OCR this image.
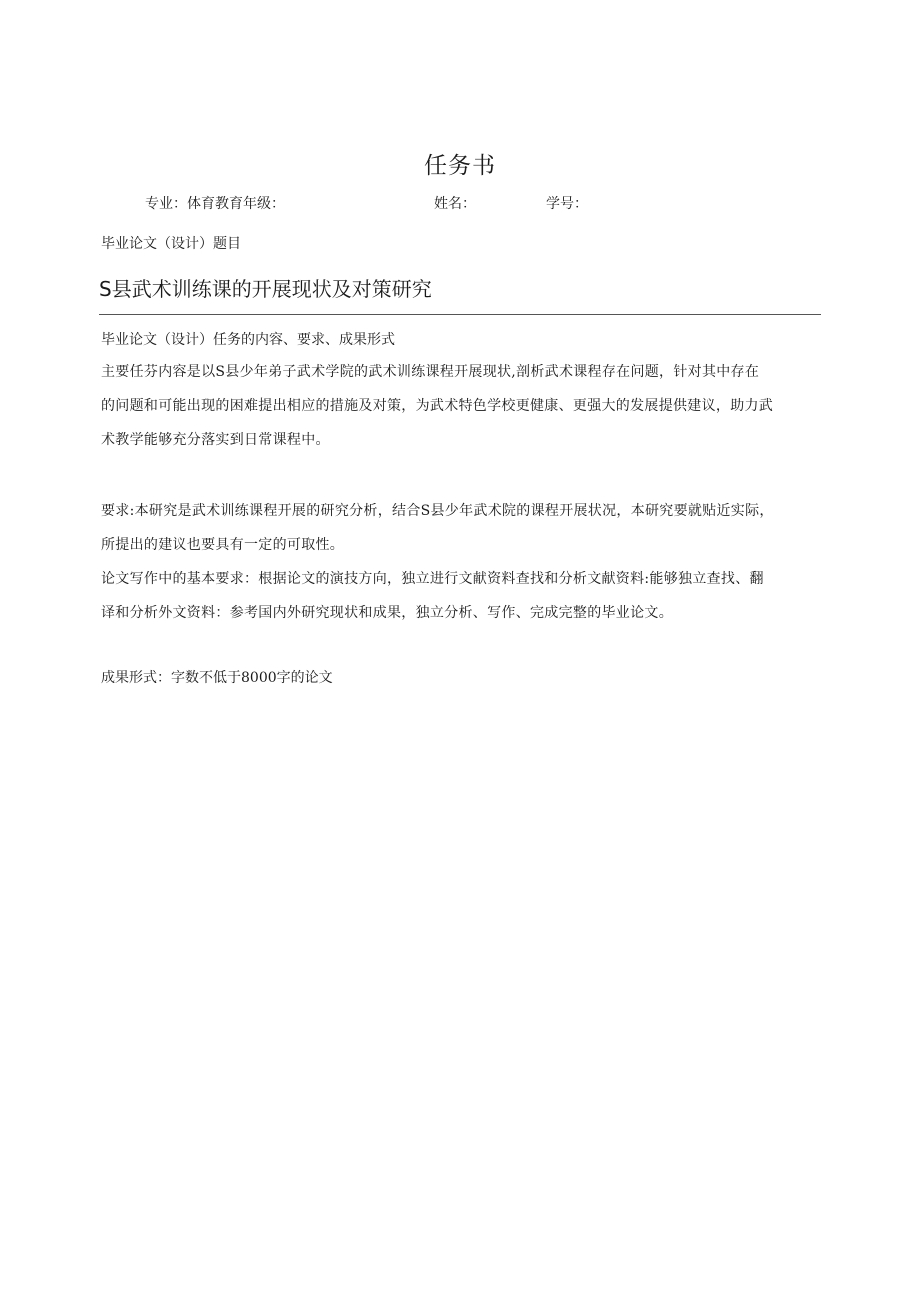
任务书
专业：体育教育年级：	姓名：	学号：
毕业论文（设计）题目
S县武术训练课的开展现状及对策研究
毕业论文（设计）任务的内容、要求、成果形式

主要任芬内容是以S县少年弟子武术学院的武术训练课程开展现状,剖析武术课程存在问题，针对其中存在
的问题和可能出现的困难提出相应的措施及对策，为武术特色学校更健康、更强大的发展提供建议，助力武
术教学能够充分落实到日常课程中。

要求:本研究是武术训练课程开展的研究分析，结合S县少年武术院的课程开展状况，本研究要就贴近实际，
所提出的建议也要具有一定的可取性。
论文写作中的基本要求：根据论文的演技方向，独立进行文献资料查找和分析文献资料:能够独立查找、翻
译和分析外文资料：参考国内外研究现状和成果，独立分析、写作、完成完整的毕业论文。

成果形式：字数不低于8000字的论文
